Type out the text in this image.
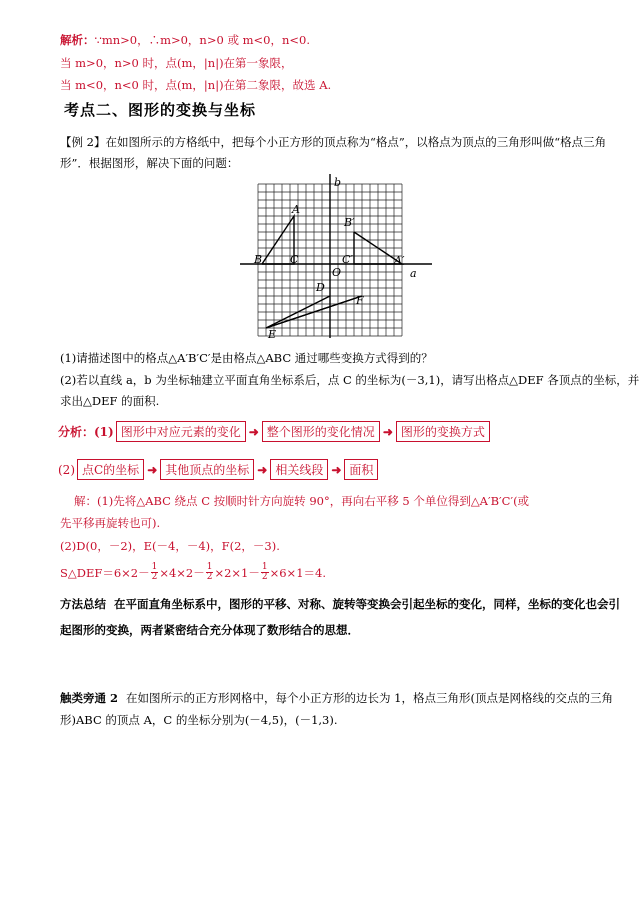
解析：∵mn>0，∴m>0，n>0 或 m<0，n<0.
当 m>0，n>0 时，点(m，|n|)在第一象限，
当 m<0，n<0 时，点(m，|n|)在第二象限，故选 A.
考点二、图形的变换与坐标
【例 2】在如图所示的方格纸中，把每个小正方形的顶点称为“格点”，以格点为顶点的三角形叫做“格点三角
形”．根据图形，解决下面的问题：
A
B	C	A′
B′
C′
O	a
b
D
E
F
(1)请描述图中的格点△A′B′C′是由格点△ABC 通过哪些变换方式得到的？
(2)若以直线 a，b 为坐标轴建立平面直角坐标系后，点 C 的坐标为(－3,1)，请写出格点△DEF 各顶点的坐标，并
求出△DEF 的面积.
分析：(1) 图形中对应元素的变化 ➜ 整个图形的变化情况 ➜ 图形的变换方式
(2) 点C的坐标 ➜ 其他顶点的坐标 ➜ 相关线段 ➜ 面积
解：(1)先将△ABC 绕点 C 按顺时针方向旋转 90°，再向右平移 5 个单位得到△A′B′C′(或
先平移再旋转也可).
(2)D(0，－2)，E(－4，－4)，F(2，－3).
S△DEF＝6×2－ $\frac{1}{2} \times 4\times 2- \frac{1}{2} \times 2\times 1- \frac{1}{2} \times 6\times 1=4$.
方法总结 在平面直角坐标系中，图形的平移、对称、旋转等变换会引起坐标的变化，同样，坐标的变化也会引
起图形的变换，两者紧密结合充分体现了数形结合的思想．
触类旁通 2 在如图所示的正方形网格中，每个小正方形的边长为 1，格点三角形(顶点是网格线的交点的三角
形)ABC 的顶点 A，C 的坐标分别为(－4,5)，(－1,3).
